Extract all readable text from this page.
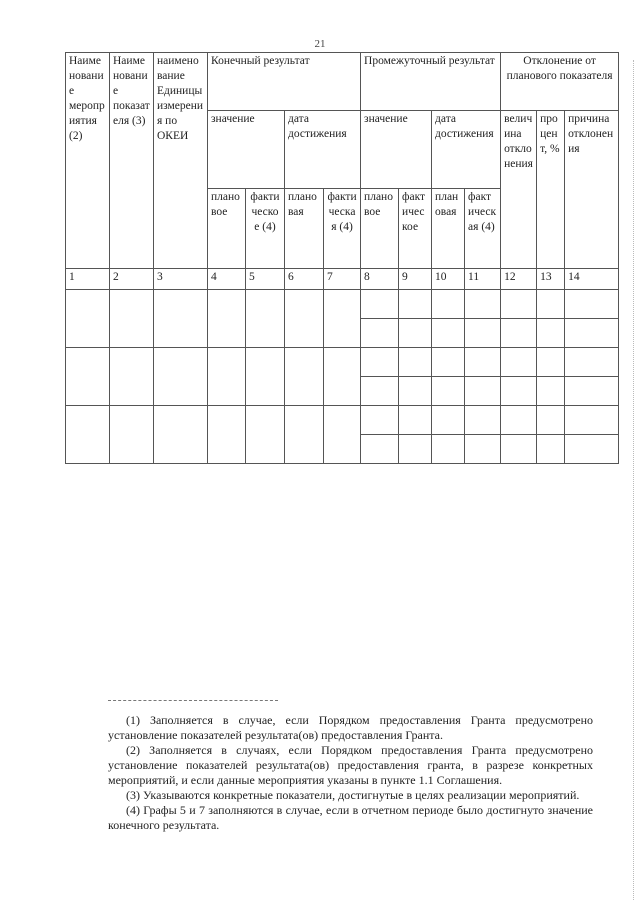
21
Наименование мероприятия (2)	Наименование показателя (3)	наименование Единицы измерения по ОКЕИ	Конечный результат				Промежуточный результат				Отклонение от планового показателя		
			значение		дата достижения		значение		дата достижения		величина отклонения	процент, %	причина отклонения
			плановое	фактическое (4)	плановая	фактическая (4)	плановое	фактическое	плановая	фактическая (4)			
1	2	3	4	5	6	7	8	9	10	11	12	13	14

(1) Заполняется в случае, если Порядком предоставления Гранта предусмотрено установление показателей результата(ов) предоставления Гранта.

(2) Заполняется в случаях, если Порядком предоставления Гранта предусмотрено установление показателей результата(ов) предоставления гранта, в разрезе конкретных мероприятий, и если данные мероприятия указаны в пункте 1.1 Соглашения.

(3) Указываются конкретные показатели, достигнутые в целях реализации мероприятий.

(4) Графы 5 и 7 заполняются в случае, если в отчетном периоде было достигнуто значение конечного результата.
